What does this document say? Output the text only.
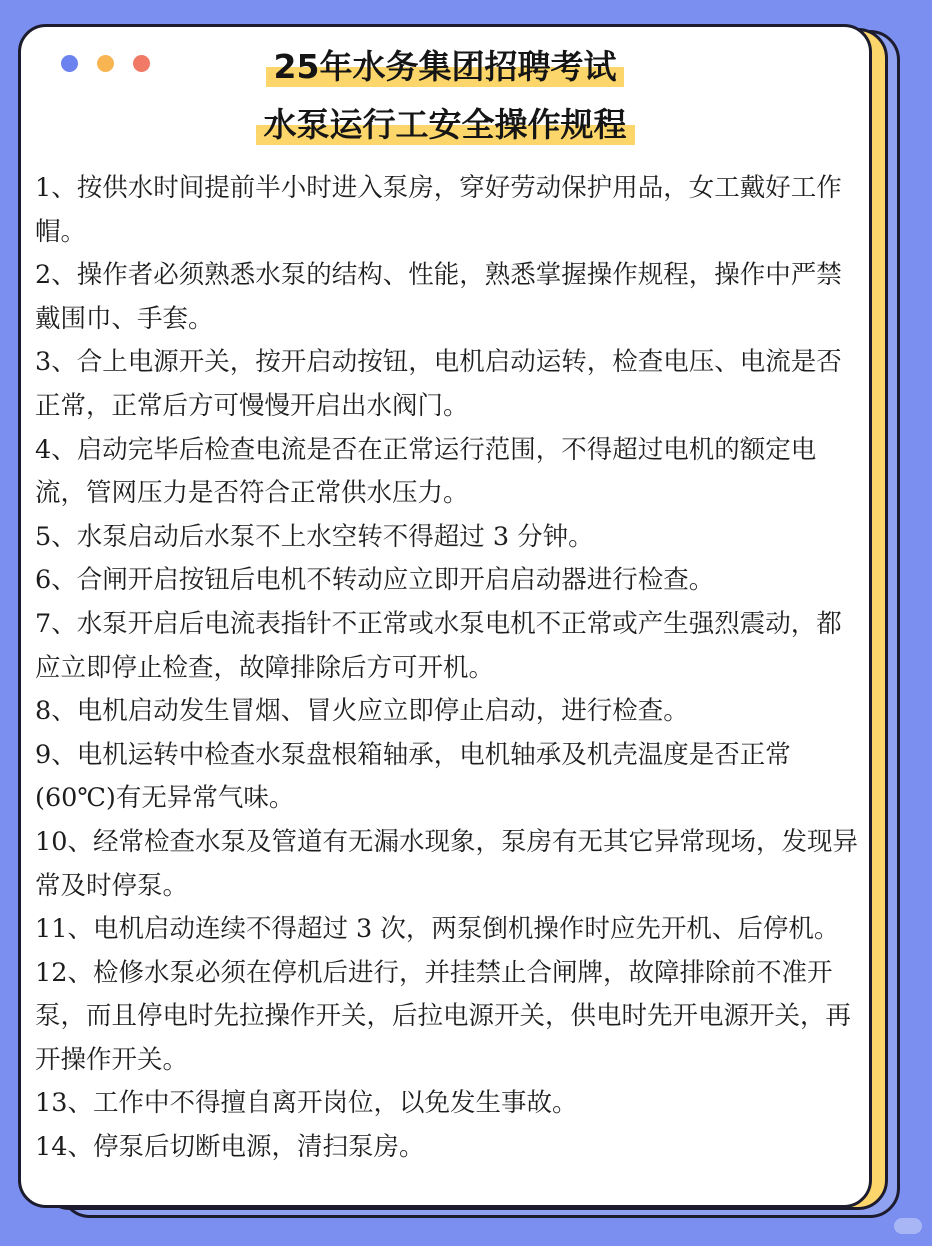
25年水务集团招聘考试
水泵运行工安全操作规程

1、按供水时间提前半小时进入泵房，穿好劳动保护用品，女工戴好工作帽。

2、操作者必须熟悉水泵的结构、性能，熟悉掌握操作规程，操作中严禁戴围巾、手套。

3、合上电源开关，按开启动按钮，电机启动运转，检查电压、电流是否正常，正常后方可慢慢开启出水阀门。

4、启动完毕后检查电流是否在正常运行范围，不得超过电机的额定电流，管网压力是否符合正常供水压力。

5、水泵启动后水泵不上水空转不得超过 3 分钟。

6、合闸开启按钮后电机不转动应立即开启启动器进行检查。

7、水泵开启后电流表指针不正常或水泵电机不正常或产生强烈震动，都应立即停止检查，故障排除后方可开机。

8、电机启动发生冒烟、冒火应立即停止启动，进行检查。

9、电机运转中检查水泵盘根箱轴承，电机轴承及机壳温度是否正常(60℃)有无异常气味。

10、经常检查水泵及管道有无漏水现象，泵房有无其它异常现场，发现异常及时停泵。

11、电机启动连续不得超过 3 次，两泵倒机操作时应先开机、后停机。

12、检修水泵必须在停机后进行，并挂禁止合闸牌，故障排除前不准开泵，而且停电时先拉操作开关，后拉电源开关，供电时先开电源开关，再开操作开关。

13、工作中不得擅自离开岗位，以免发生事故。

14、停泵后切断电源，清扫泵房。
